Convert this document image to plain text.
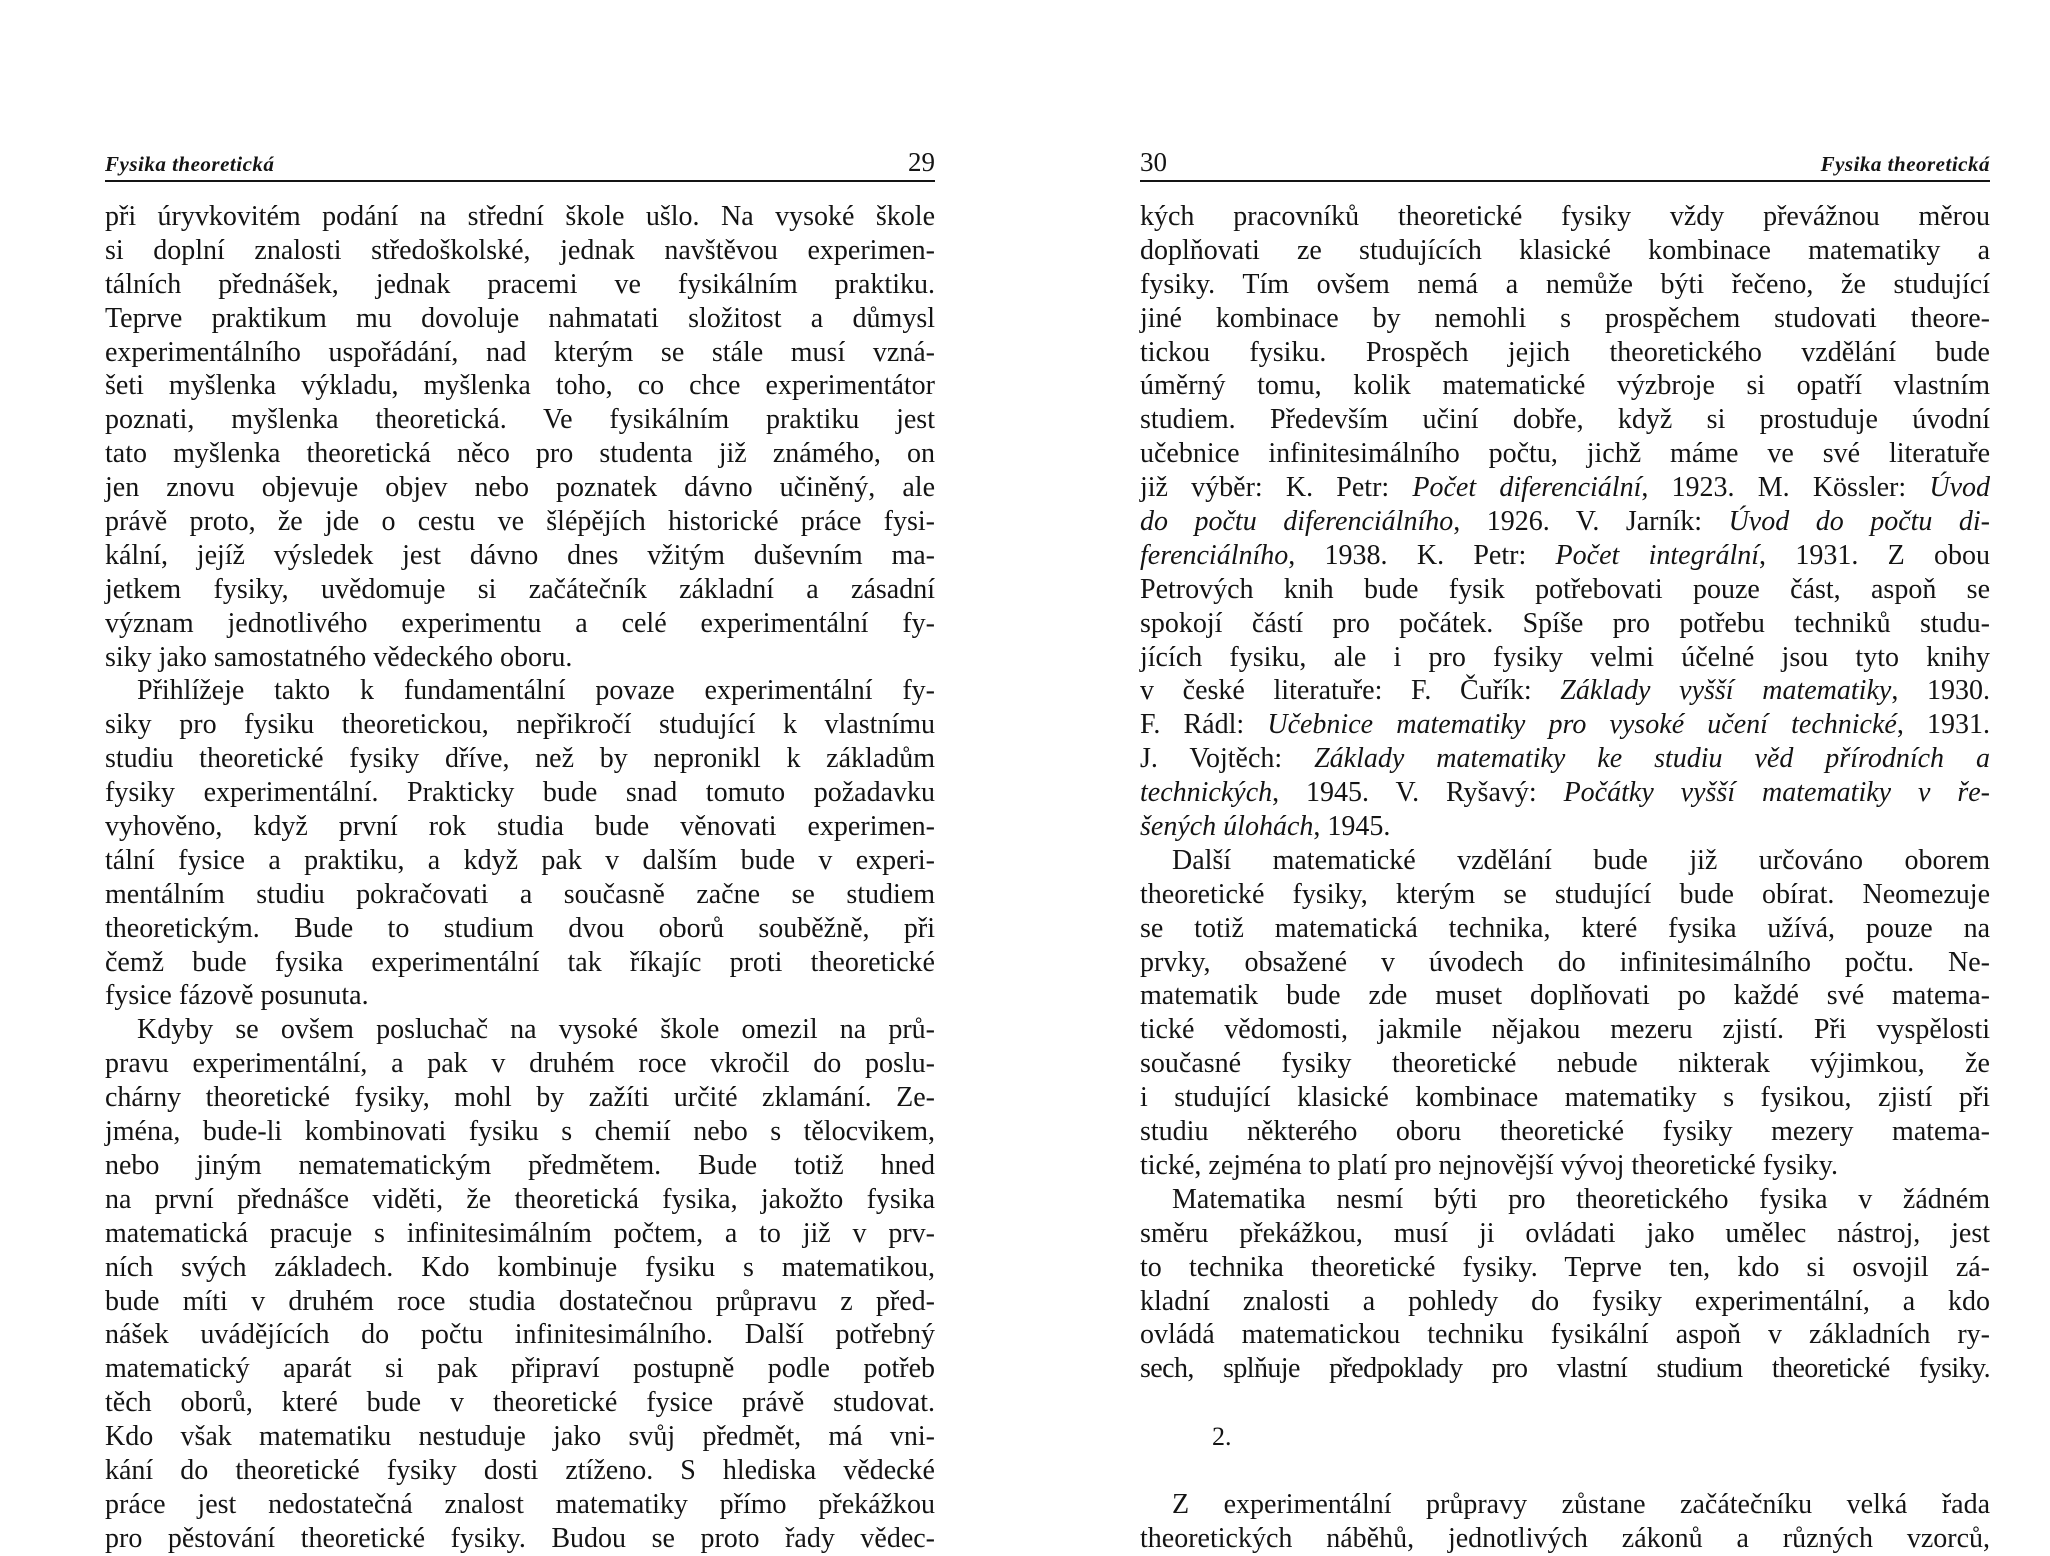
Fysika theoretická	29
při úryvkovitém podání na střední škole ušlo. Na vysoké škole
si doplní znalosti středoškolské, jednak navštěvou experimen-
tálních přednášek, jednak pracemi ve fysikálním praktiku.
Teprve praktikum mu dovoluje nahmatati složitost a důmysl
experimentálního uspořádání, nad kterým se stále musí vzná-
šeti myšlenka výkladu, myšlenka toho, co chce experimentátor
poznati, myšlenka theoretická. Ve fysikálním praktiku jest
tato myšlenka theoretická něco pro studenta již známého, on
jen znovu objevuje objev nebo poznatek dávno učiněný, ale
právě proto, že jde o cestu ve šlépějích historické práce fysi-
kální, jejíž výsledek jest dávno dnes vžitým duševním ma-
jetkem fysiky, uvědomuje si začátečník základní a zásadní
význam jednotlivého experimentu a celé experimentální fy-
siky jako samostatného vědeckého oboru.
Přihlížeje takto k fundamentální povaze experimentální fy-
siky pro fysiku theoretickou, nepřikročí studující k vlastnímu
studiu theoretické fysiky dříve, než by nepronikl k základům
fysiky experimentální. Prakticky bude snad tomuto požadavku
vyhověno, když první rok studia bude věnovati experimen-
tální fysice a praktiku, a když pak v dalším bude v experi-
mentálním studiu pokračovati a současně začne se studiem
theoretickým. Bude to studium dvou oborů souběžně, při
čemž bude fysika experimentální tak říkajíc proti theoretické
fysice fázově posunuta.
Kdyby se ovšem posluchač na vysoké škole omezil na prů-
pravu experimentální, a pak v druhém roce vkročil do poslu-
chárny theoretické fysiky, mohl by zažíti určité zklamání. Ze-
jména, bude-li kombinovati fysiku s chemií nebo s tělocvikem,
nebo jiným nematematickým předmětem. Bude totiž hned
na první přednášce viděti, že theoretická fysika, jakožto fysika
matematická pracuje s infinitesimálním počtem, a to již v prv-
ních svých základech. Kdo kombinuje fysiku s matematikou,
bude míti v druhém roce studia dostatečnou průpravu z před-
nášek uvádějících do počtu infinitesimálního. Další potřebný
matematický aparát si pak připraví postupně podle potřeb
těch oborů, které bude v theoretické fysice právě studovat.
Kdo však matematiku nestuduje jako svůj předmět, má vni-
kání do theoretické fysiky dosti ztíženo. S hlediska vědecké
práce jest nedostatečná znalost matematiky přímo překážkou
pro pěstování theoretické fysiky. Budou se proto řady vědec-
30	Fysika theoretická
kých pracovníků theoretické fysiky vždy převážnou měrou
doplňovati ze studujících klasické kombinace matematiky a
fysiky. Tím ovšem nemá a nemůže býti řečeno, že studující
jiné kombinace by nemohli s prospěchem studovati theore-
tickou fysiku. Prospěch jejich theoretického vzdělání bude
úměrný tomu, kolik matematické výzbroje si opatří vlastním
studiem. Především učiní dobře, když si prostuduje úvodní
učebnice infinitesimálního počtu, jichž máme ve své literatuře
již výběr: K. Petr: Počet diferenciální, 1923. M. Kössler: Úvod
do počtu diferenciálního, 1926. V. Jarník: Úvod do počtu di-
ferenciálního, 1938. K. Petr: Počet integrální, 1931. Z obou
Petrových knih bude fysik potřebovati pouze část, aspoň se
spokojí částí pro počátek. Spíše pro potřebu techniků studu-
jících fysiku, ale i pro fysiky velmi účelné jsou tyto knihy
v české literatuře: F. Čuřík: Základy vyšší matematiky, 1930.
F. Rádl: Učebnice matematiky pro vysoké učení technické, 1931.
J. Vojtěch: Základy matematiky ke studiu věd přírodních a
technických, 1945. V. Ryšavý: Počátky vyšší matematiky v ře-
šených úlohách, 1945.
Další matematické vzdělání bude již určováno oborem
theoretické fysiky, kterým se studující bude obírat. Neomezuje
se totiž matematická technika, které fysika užívá, pouze na
prvky, obsažené v úvodech do infinitesimálního počtu. Ne-
matematik bude zde muset doplňovati po každé své matema-
tické vědomosti, jakmile nějakou mezeru zjistí. Při vyspělosti
současné fysiky theoretické nebude nikterak výjimkou, že
i studující klasické kombinace matematiky s fysikou, zjistí při
studiu některého oboru theoretické fysiky mezery matema-
tické, zejména to platí pro nejnovější vývoj theoretické fysiky.
Matematika nesmí býti pro theoretického fysika v žádném
směru překážkou, musí ji ovládati jako umělec nástroj, jest
to technika theoretické fysiky. Teprve ten, kdo si osvojil zá-
kladní znalosti a pohledy do fysiky experimentální, a kdo
ovládá matematickou techniku fysikální aspoň v základních ry-
sech, splňuje předpoklady pro vlastní studium theoretické fysiky.
2.
Z experimentální průpravy zůstane začátečníku velká řada
theoretických náběhů, jednotlivých zákonů a různých vzorců,
